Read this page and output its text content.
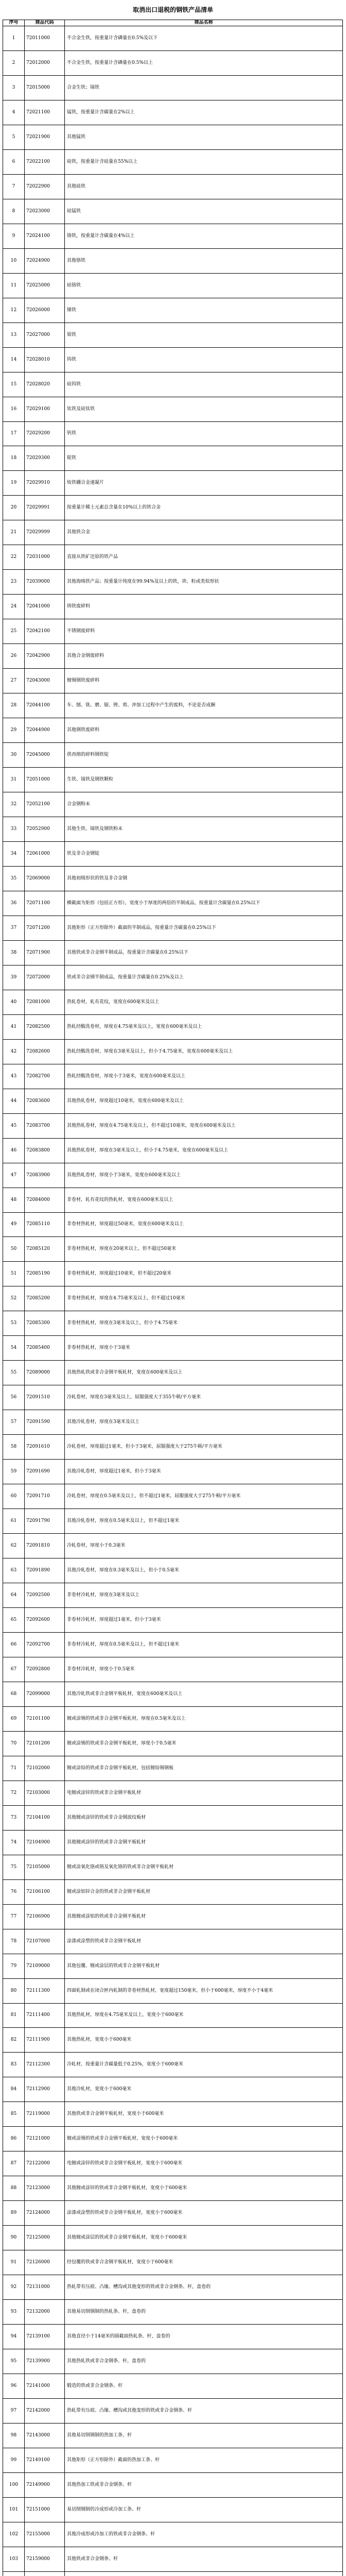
取消出口退税的钢铁产品清单
序号	商品代码	商品名称
1	72011000	不合金生铁，按重量计含磷量在0.5%及以下
2	72012000	不合金生铁，按重量计含磷量在0.5%以上
3	72015000	合金生铁；镜铁
4	72021100	锰铁，按重量计含碳量在2%以上
5	72021900	其他锰铁
6	72022100	硅铁，按重量计含硅量在55%以上
7	72022900	其他硅铁
8	72023000	硅锰铁
9	72024100	铬铁，按重量计含碳量在4%以上
10	72024900	其他铬铁
11	72025000	硅铬铁
12	72026000	镍铁
13	72027000	钼铁
14	72028010	钨铁
15	72028020	硅钨铁
16	72029100	钛铁及硅钛铁
17	72029200	钒铁
18	72029300	铌铁
19	72029910	钕铁硼合金速凝片
20	72029991	按重量计稀土元素总含量在10%以上的铁合金
21	72029999	其他铁合金
22	72031000	直接从铁矿还原的铁产品
23	72039000	其他海绵铁产品；按重量计纯度在99.94%及以上的铁，块、粒或类似形状
24	72041000	铸铁废碎料
25	72042100	不锈钢废碎料
26	72042900	其他合金钢废碎料
27	72043000	镀锡钢铁废碎料
28	72044100	车、刨、铣、磨、锯、锉、剪、冲加工过程中产生的废料，不论是否成捆
29	72044900	其他钢铁废碎料
30	72045000	供再熔的碎料钢铁锭
31	72051000	生铁、镜铁及钢铁颗粒
32	72052100	合金钢粉末
33	72052900	其他生铁、镜铁及钢铁粉末
34	72061000	铁及非合金钢锭
35	72069000	其他初级形状的铁及非合金钢
36	72071100	横截面为矩形（包括正方形），宽度小于厚度的两倍的半制成品，按重量计含碳量在0.25%以下
37	72071200	其他矩形（正方形除外）截面的半制成品，按重量计含碳量在0.25%以下
38	72071900	其他铁或非合金钢半制成品，按重量计含碳量在0.25%以下
39	72072000	铁或非合金钢半制成品，按重量计含碳量在0.25%及以上
40	72081000	热轧卷材，轧有花纹，宽度在600毫米及以上
41	72082500	热轧经酸洗卷材，厚度在4.75毫米及以上，宽度在600毫米及以上
42	72082600	热轧经酸洗卷材，厚度在3毫米及以上，但小于4.75毫米，宽度在600毫米及以上
43	72082700	热轧经酸洗卷材，厚度小于3毫米，宽度在600毫米及以上
44	72083600	其他热轧卷材，厚度超过10毫米，宽度在600毫米及以上
45	72083700	其他热轧卷材，厚度在4.75毫米及以上，但不超过10毫米，宽度在600毫米及以上
46	72083800	其他热轧卷材，厚度在3毫米及以上，但小于4.75毫米，宽度在600毫米及以上
47	72083900	其他热轧卷材，厚度小于3毫米，宽度在600毫米及以上
48	72084000	非卷材，轧有花纹的热轧材，宽度在600毫米及以上
49	72085110	非卷材热轧材，厚度超过50毫米，宽度在600毫米及以上
50	72085120	非卷材热轧材，厚度在20毫米以上，但不超过50毫米
51	72085190	非卷材热轧材，厚度超过10毫米，但不超过20毫米
52	72085200	非卷材热轧材，厚度在4.75毫米及以上，但不超过10毫米
53	72085300	非卷材热轧材，厚度在3毫米及以上，但小于4.75毫米
54	72085400	非卷材热轧材，厚度小于3毫米
55	72089000	其他热轧铁或非合金钢平板轧材，宽度在600毫米及以上
56	72091510	冷轧卷材，厚度在3毫米及以上，屈服强度大于355牛顿/平方毫米
57	72091590	其他冷轧卷材，厚度在3毫米及以上
58	72091610	冷轧卷材，厚度超过1毫米，但小于3毫米，屈服强度大于275牛顿/平方毫米
59	72091690	其他冷轧卷材，厚度超过1毫米，但小于3毫米
60	72091710	冷轧卷材，厚度在0.5毫米及以上，但不超过1毫米，屈服强度大于275牛顿/平方毫米
61	72091790	其他冷轧卷材，厚度在0.5毫米及以上，但不超过1毫米
62	72091810	冷轧卷材，厚度小于0.3毫米
63	72091890	其他冷轧卷材，厚度在0.3毫米及以上，但小于0.5毫米
64	72092500	非卷材冷轧材，厚度在3毫米及以上
65	72092600	非卷材冷轧材，厚度超过1毫米，但小于3毫米
66	72092700	非卷材冷轧材，厚度在0.5毫米及以上，但不超过1毫米
67	72092800	非卷材冷轧材，厚度小于0.5毫米
68	72099000	其他冷轧铁或非合金钢平板轧材，宽度在600毫米及以上
69	72101100	镀或涂锡的铁或非合金钢平板轧材，厚度在0.5毫米及以上
70	72101200	镀或涂锡的铁或非合金钢平板轧材，厚度小于0.5毫米
71	72102000	镀或涂铅的铁或非合金钢平板轧材，包括镀铅锡钢板
72	72103000	电镀或涂锌的铁或非合金钢平板轧材
73	72104100	其他镀或涂锌的铁或非合金钢波纹板材
74	72104900	其他镀或涂锌的铁或非合金钢平板轧材
75	72105000	镀或涂氧化铬或铬及氧化铬的铁或非合金钢平板轧材
76	72106100	镀或涂铝锌合金的铁或非合金钢平板轧材
77	72106900	其他镀或涂铝的铁或非合金钢平板轧材
78	72107000	涂漆或涂塑的铁或非合金钢平板轧材
79	72109000	其他包覆、镀或涂层的铁或非合金钢平板轧材
80	72111300	四面轧制或在闭合匣内轧制的非卷材热轧材，宽度超过150毫米，但小于600毫米，厚度不小于4毫米
81	72111400	其他热轧材，厚度在4.75毫米及以上，宽度小于600毫米
82	72111900	其他热轧材，宽度小于600毫米
83	72112300	冷轧材，按重量计含碳量低于0.25%，宽度小于600毫米
84	72112900	其他冷轧材，宽度小于600毫米
85	72119000	其他铁或非合金钢平板轧材，宽度小于600毫米
86	72121000	镀或涂锡的铁或非合金钢平板轧材，宽度小于600毫米
87	72122000	电镀或涂锌的铁或非合金钢平板轧材，宽度小于600毫米
88	72123000	其他镀或涂锌的铁或非合金钢平板轧材，宽度小于600毫米
89	72124000	涂漆或涂塑的铁或非合金钢平板轧材，宽度小于600毫米
90	72125000	其他镀或涂层的铁或非合金钢平板轧材，宽度小于600毫米
91	72126000	经包覆的铁或非合金钢平板轧材，宽度小于600毫米
92	72131000	热轧带有压痕、凸缘、槽沟或其他变形的铁或非合金钢条、杆，盘卷的
93	72132000	其他易切削钢制的热轧条、杆，盘卷的
94	72139100	其他直径小于14毫米的圆截面热轧条、杆，盘卷的
95	72139900	其他热轧铁或非合金钢条、杆，盘卷的
96	72141000	锻造的铁或非合金钢条、杆
97	72142000	热轧带有压痕、凸缘、槽沟或其他变形的铁或非合金钢条、杆
98	72143000	其他易切削钢制的热加工条、杆
99	72149100	其他矩形（正方形除外）截面的热加工条、杆
100	72149900	其他热加工铁或非合金钢条、杆
101	72151000	易切削钢制的冷成形或冷加工条、杆
102	72155000	其他冷成形或冷加工的铁或非合金钢条、杆
103	72159000	其他铁或非合金钢条、杆
